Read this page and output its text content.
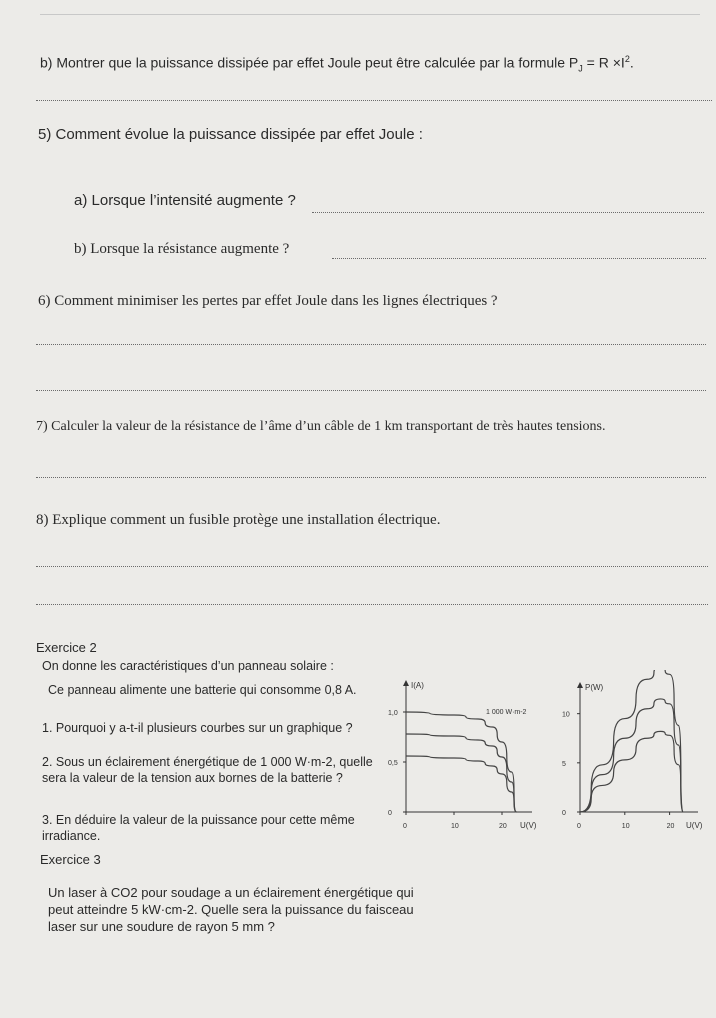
b) Montrer que la puissance dissipée par effet Joule peut être calculée par la formule $P_J = R \times I^2$.
5) Comment évolue la puissance dissipée par effet Joule :
a) Lorsque l’intensité augmente ?
b) Lorsque la résistance augmente ?
6) Comment minimiser les pertes par effet Joule dans les lignes électriques ?
7) Calculer la valeur de la résistance de l’âme d’un câble de 1 km transportant de très hautes tensions.
8) Explique comment un fusible protège une installation électrique.
Exercice 2
On donne les caractéristiques d’un panneau solaire :
Ce panneau alimente une batterie qui consomme 0,8 A.
1. Pourquoi y a-t-il plusieurs courbes sur un graphique ?
2. Sous un éclairement énergétique de 1 000 W·m-2, quelle sera la valeur de la tension aux bornes de la batterie ?
3. En déduire la valeur de la puissance pour cette même irradiance.
I(A)
U(V)
0	10	20
0
0,5
1,0	1 000 W·m-2
P(W)
U(V)
0	10	20
0
5
10
Exercice 3
Un laser à CO2 pour soudage a un éclairement énergétique qui peut atteindre 5 kW·cm-2. Quelle sera la puissance du faisceau laser sur une soudure de rayon 5 mm ?
